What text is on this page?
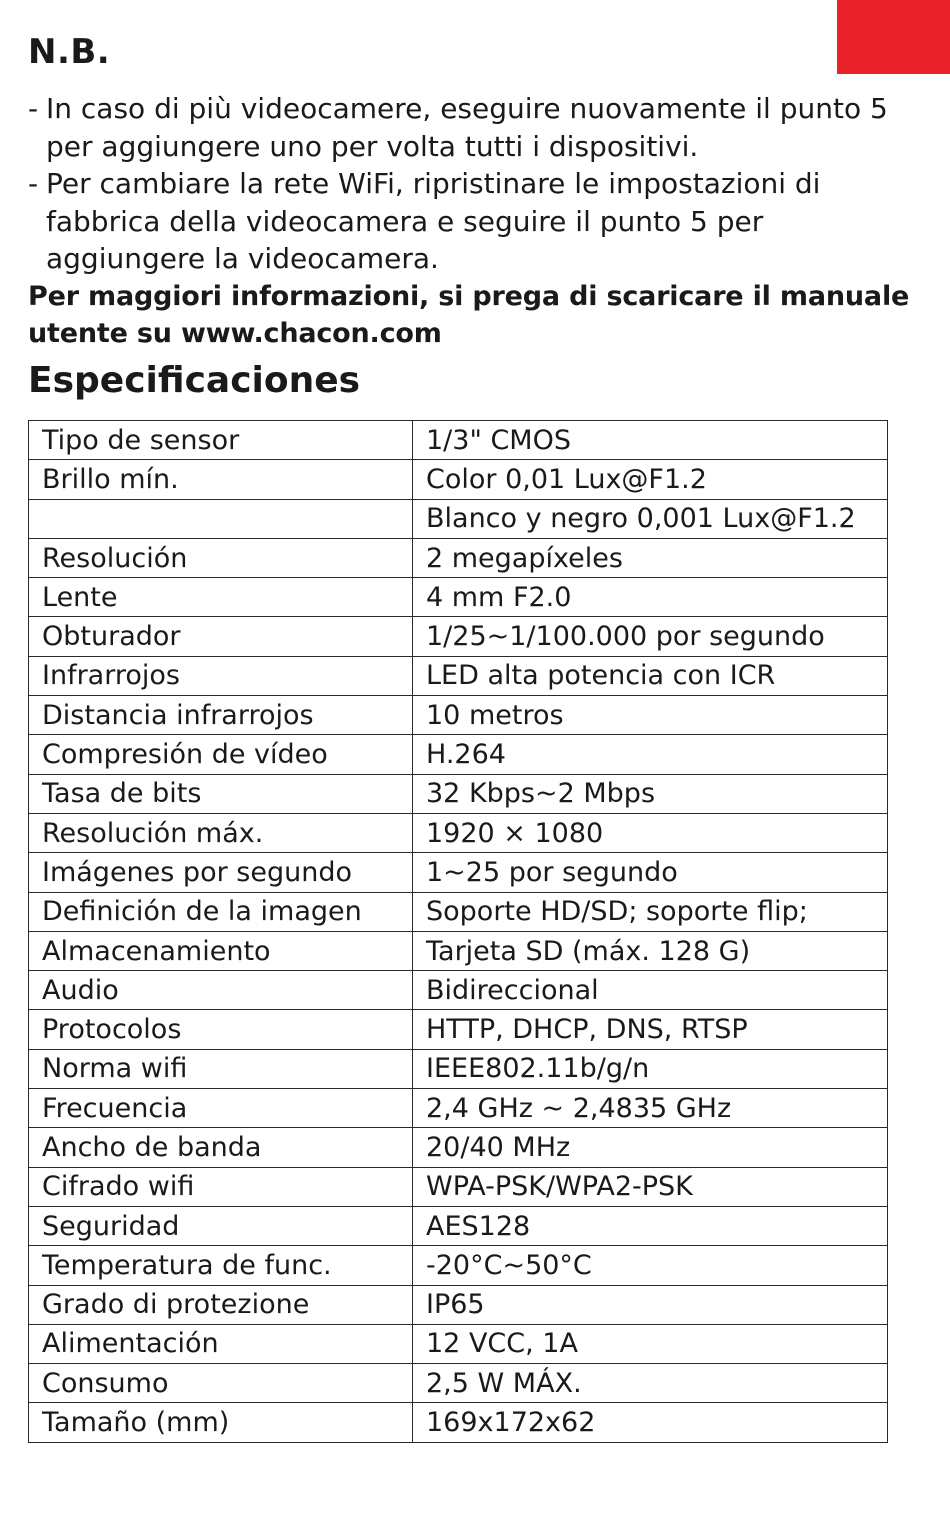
N.B.
- In caso di più videocamere, eseguire nuovamente il punto 5
per aggiungere uno per volta tutti i dispositivi.
- Per cambiare la rete WiFi, ripristinare le impostazioni di
fabbrica della videocamera e seguire il punto 5 per
aggiungere la videocamera.

Per maggiori informazioni, si prega di scaricare il manuale
utente su www.chacon.com

Especificaciones
Tipo de sensor	1/3" CMOS
Brillo mín.	Color 0,01 Lux@F1.2
	Blanco y negro 0,001 Lux@F1.2
Resolución	2 megapíxeles
Lente	4 mm F2.0
Obturador	1/25~1/100.000 por segundo
Infrarrojos	LED alta potencia con ICR
Distancia infrarrojos	10 metros
Compresión de vídeo	H.264
Tasa de bits	32 Kbps~2 Mbps
Resolución máx.	1920 × 1080
Imágenes por segundo	1~25 por segundo
Definición de la imagen	Soporte HD/SD; soporte flip;
Almacenamiento	Tarjeta SD (máx. 128 G)
Audio	Bidireccional
Protocolos	HTTP, DHCP, DNS, RTSP
Norma wifi	IEEE802.11b/g/n
Frecuencia	2,4 GHz ~ 2,4835 GHz
Ancho de banda	20/40 MHz
Cifrado wifi	WPA-PSK/WPA2-PSK
Seguridad	AES128
Temperatura de func.	-20°C~50°C
Grado di protezione	IP65
Alimentación	12 VCC, 1A
Consumo	2,5 W MÁX.
Tamaño (mm)	169x172x62
